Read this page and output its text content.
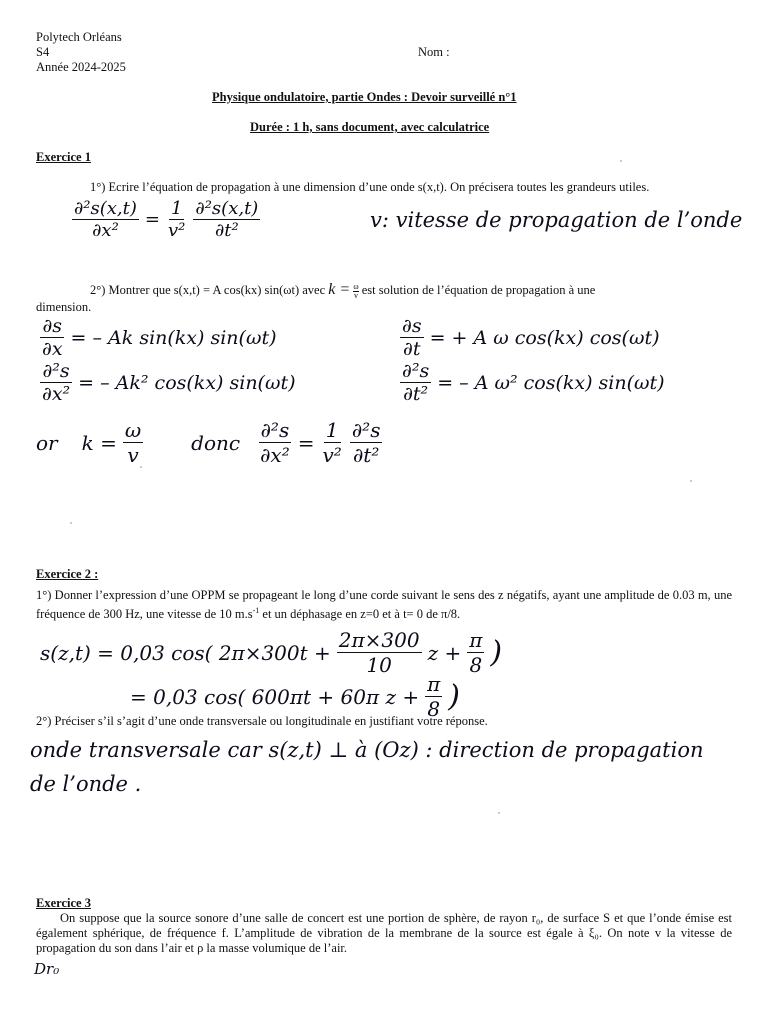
Polytech Orléans
S4
Année 2024-2025
Nom :
Physique ondulatoire, partie Ondes : Devoir surveillé n°1
Durée : 1 h, sans document, avec calculatrice
Exercice 1
1°) Ecrire l’équation de propagation à une dimension d’une onde s(x,t). On précisera toutes les grandeurs utiles.
$\frac{\text{∂²s(x,t)}}{\text{∂x²}} = \frac{1}{\text{v²}} \frac{\text{∂²s(x,t)}}{\text{∂t²}}$	v: vitesse de propagation de l’onde
2°) Montrer que s(x,t) = A cos(kx) sin(ωt) avec $k = \frac{\omega}{v}$ est solution de l’équation de propagation à une
dimension.
$\frac{\partial s}{\partial x}$ = – Ak sin(kx) sin(ωt)	$\frac{\partial s}{\partial t}$ = + A ω cos(kx) cos(ωt)
$\frac{\text{∂²s}}{\text{∂x²}}$ = – Ak² cos(kx) sin(ωt)	$\frac{\text{∂²s}}{\text{∂t²}}$ = – A ω² cos(kx) sin(ωt)
or $k = \frac{\omega}{v}$ donc $\frac{\text{∂²s}}{\text{∂x²}} = \frac{1}{\text{v²}} \frac{\text{∂²s}}{\text{∂t²}}$
Exercice 2 :
1°) Donner l’expression d’une OPPM se propageant le long d’une corde suivant le sens des z négatifs, ayant une amplitude de 0.03 m, une fréquence de 300 Hz, une vitesse de 10 $m.s^{-1}$ et un déphasage en z=0 et à t= 0 de π/8.
s(z,t) = 0,03 cos( $2\pi\times 300t + \frac{2\pi\times 300}{10}$ $z + \frac{\pi}{8}$ )
= 0,03 cos( 600πt + 60π $z + \frac{\pi}{8}$ )
2°) Préciser s’il s’agit d’une onde transversale ou longitudinale en justifiant votre réponse.
onde transversale car s(z,t) ⊥ à (Oz) : direction de propagation
de l’onde .
Exercice 3
On suppose que la source sonore d’une salle de concert est une portion de sphère, de rayon r₀, de surface S et que l’onde émise est également sphérique, de fréquence f. L’amplitude de vibration de la membrane de la source est égale à ξ₀. On note v la vitesse de propagation du son dans l’air et ρ la masse volumique de l’air.
Dr₀
